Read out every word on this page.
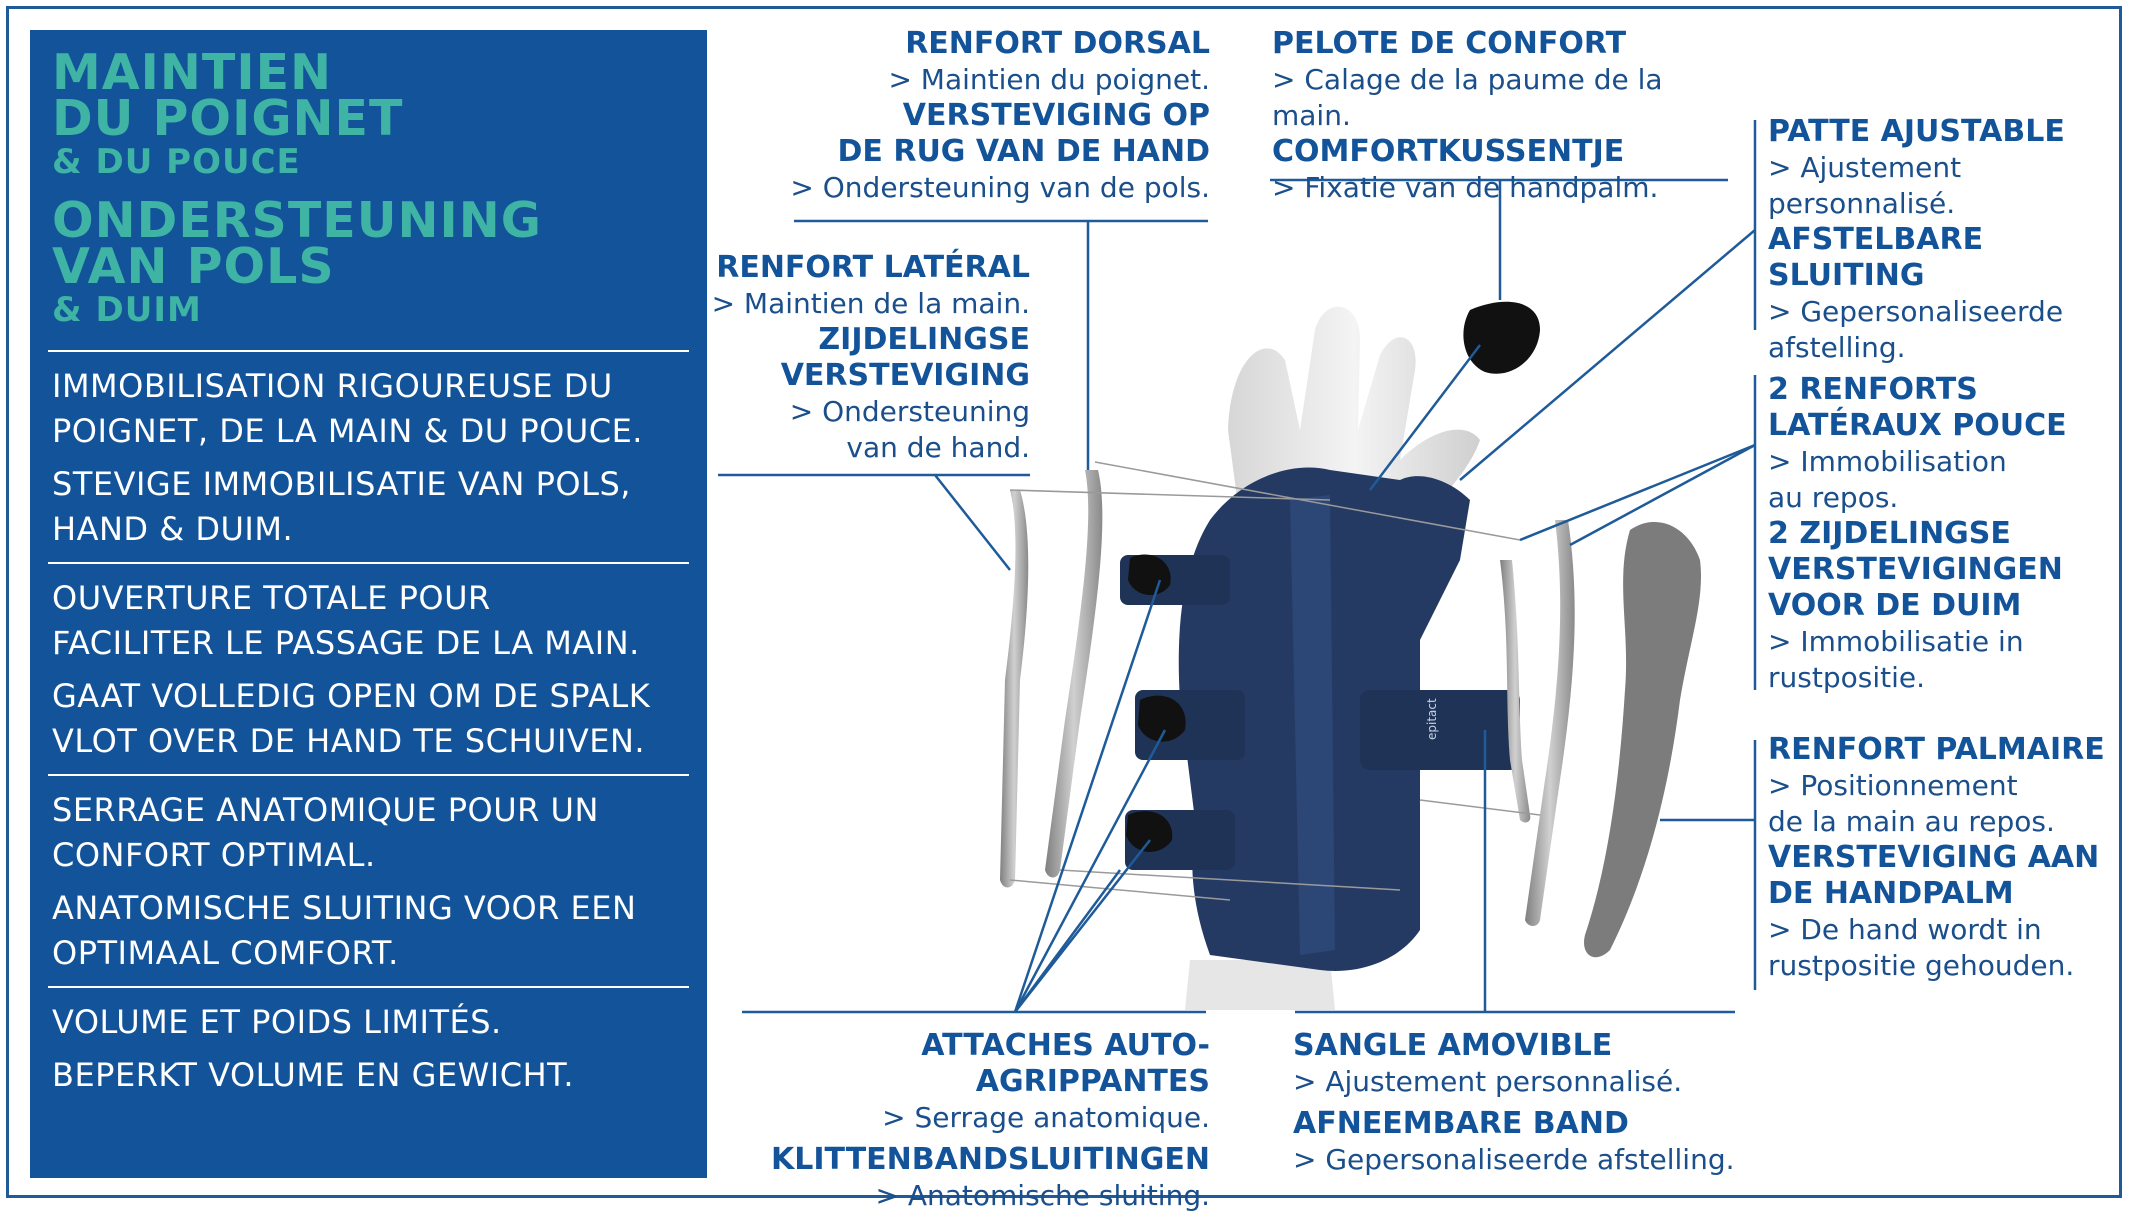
MAINTIEN
DU POIGNET
& DU POUCE
ONDERSTEUNING
VAN POLS
& DUIM
IMMOBILISATION RIGOUREUSE DU
POIGNET, DE LA MAIN & DU POUCE.
STEVIGE IMMOBILISATIE VAN POLS,
HAND & DUIM.
OUVERTURE TOTALE POUR
FACILITER LE PASSAGE DE LA MAIN.
GAAT VOLLEDIG OPEN OM DE SPALK
VLOT OVER DE HAND TE SCHUIVEN.
SERRAGE ANATOMIQUE POUR UN
CONFORT OPTIMAL.
ANATOMISCHE SLUITING VOOR EEN
OPTIMAAL COMFORT.
VOLUME ET POIDS LIMITÉS.
BEPERKT VOLUME EN GEWICHT.
epitact
RENFORT DORSAL
> Maintien du poignet.
VERSTEVIGING OP
DE RUG VAN DE HAND
> Ondersteuning van de pols.
RENFORT LATÉRAL
> Maintien de la main.
ZIJDELINGSE
VERSTEVIGING
> Ondersteuning
van de hand.
PELOTE DE CONFORT
> Calage de la paume de la main.
COMFORTKUSSENTJE
> Fixatie van de handpalm.
PATTE AJUSTABLE
> Ajustement
personnalisé.
AFSTELBARE SLUITING
> Gepersonaliseerde
afstelling.
2 RENFORTS
LATÉRAUX POUCE
> Immobilisation
au repos.
2 ZIJDELINGSE
VERSTEVIGINGEN
VOOR DE DUIM
> Immobilisatie in
rustpositie.
RENFORT PALMAIRE
> Positionnement
de la main au repos.
VERSTEVIGING AAN
DE HANDPALM
> De hand wordt in
rustpositie gehouden.
ATTACHES AUTO-AGRIPPANTES
> Serrage anatomique.
KLITTENBANDSLUITINGEN
> Anatomische sluiting.
SANGLE AMOVIBLE
> Ajustement personnalisé.
AFNEEMBARE BAND
> Gepersonaliseerde afstelling.
